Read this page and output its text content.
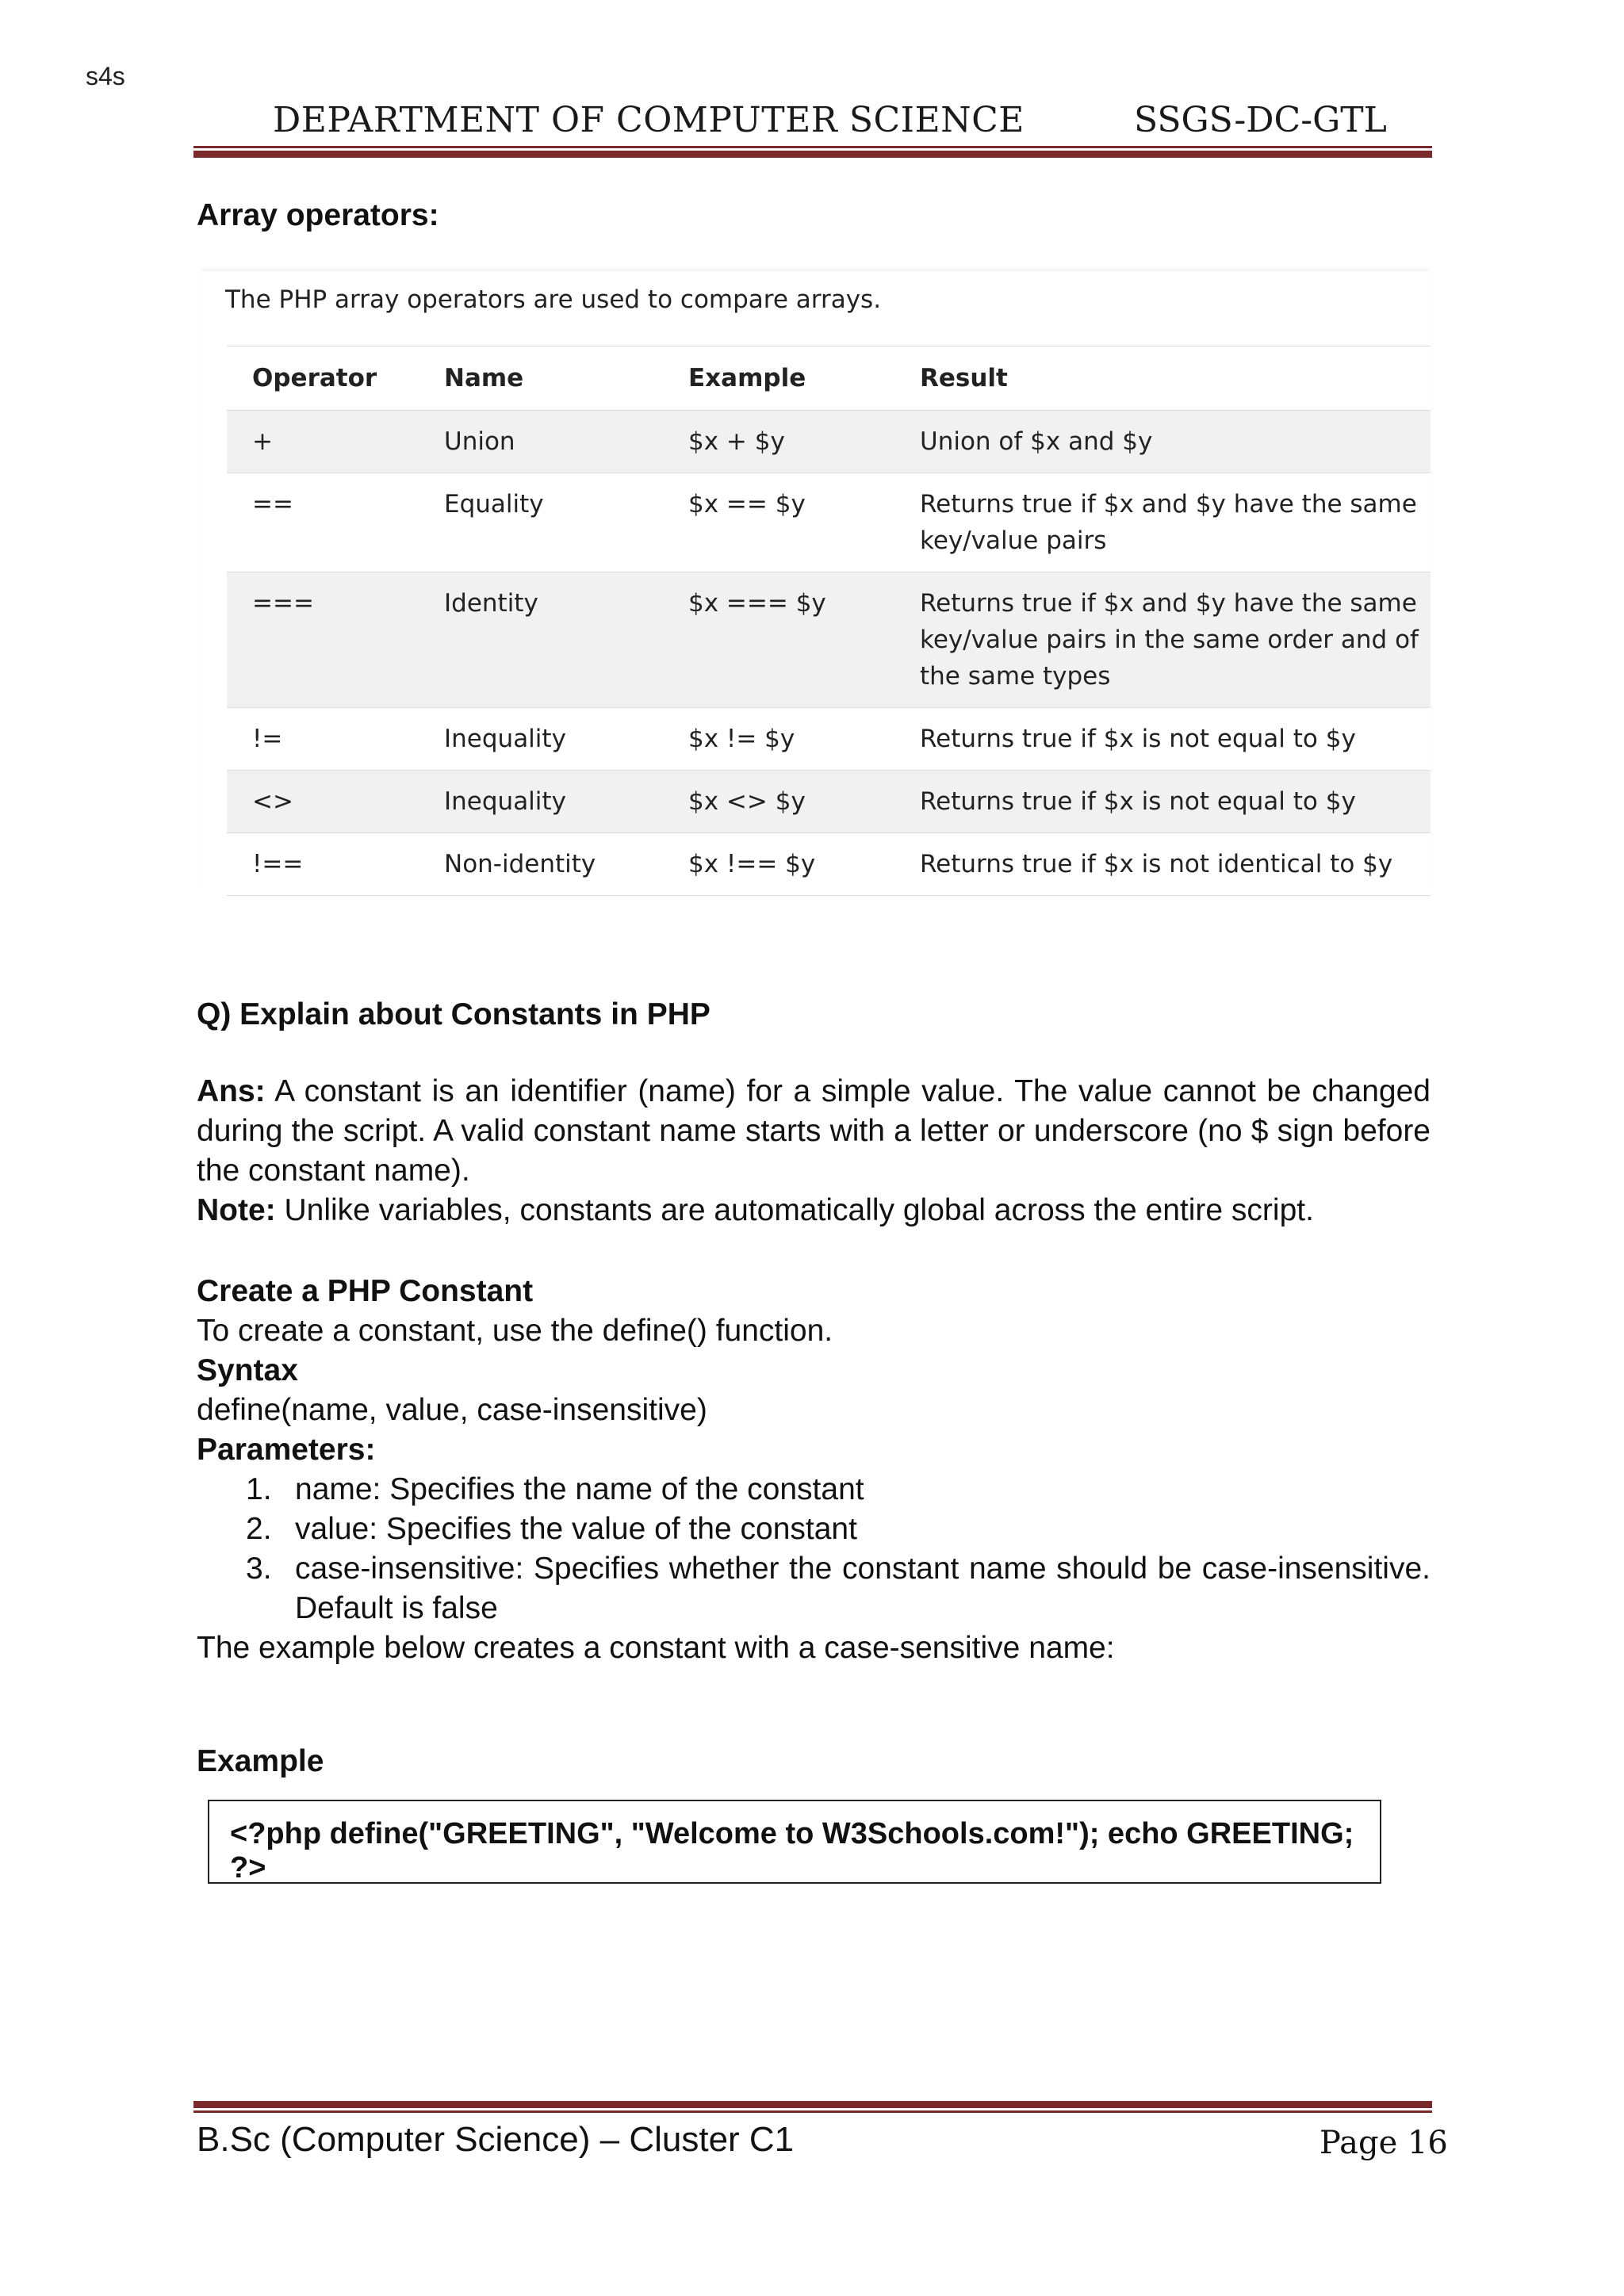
s4s
DEPARTMENT OF COMPUTER SCIENCE	SSGS-DC-GTL
Array operators:
The PHP array operators are used to compare arrays.
Operator	Name	Example	Result
+	Union	$x + $y	Union of $x and $y
==	Equality	$x == $y	Returns true if $x and $y have the same key/value pairs
===	Identity	$x === $y	Returns true if $x and $y have the same key/value pairs in the same order and of the same types
!=	Inequality	$x != $y	Returns true if $x is not equal to $y
<>	Inequality	$x <> $y	Returns true if $x is not equal to $y
!==	Non-identity	$x !== $y	Returns true if $x is not identical to $y
Q) Explain about Constants in PHP

Ans: A constant is an identifier (name) for a simple value. The value cannot be changed during the script. A valid constant name starts with a letter or underscore (no $ sign before the constant name).

Note: Unlike variables, constants are automatically global across the entire script.

Create a PHP Constant

To create a constant, use the define() function.

Syntax

define(name, value, case-insensitive)

Parameters:

1. name: Specifies the name of the constant
2. value: Specifies the value of the constant
3. case-insensitive: Specifies whether the constant name should be case-insensitive. Default is false

The example below creates a constant with a case-sensitive name:

Example
<?php define("GREETING", "Welcome to W3Schools.com!"); echo GREETING; ?>
B.Sc (Computer Science) – Cluster C1	Page 16
